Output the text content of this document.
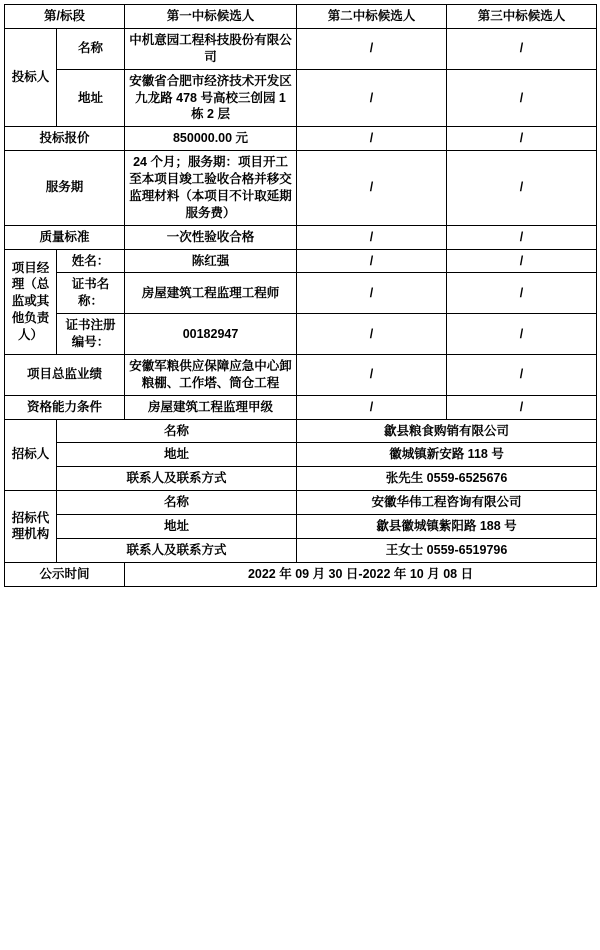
第/标段		第一中标候选人	第二中标候选人	第三中标候选人
投标人	名称	中机意园工程科技股份有限公司	/	/
	地址	安徽省合肥市经济技术开发区九龙路 478 号高校三创园 1 栋 2 层	/	/
投标报价		850000.00 元	/	/
服务期		24 个月；服务期：项目开工至本项目竣工验收合格并移交监理材料（本项目不计取延期服务费）	/	/
质量标准		一次性验收合格	/	/
项目经理（总监或其他负责人）	姓名：	陈红强	/	/
	证书名称：	房屋建筑工程监理工程师	/	/
	证书注册编号：	00182947	/	/
项目总监业绩		安徽军粮供应保障应急中心卸粮棚、工作塔、筒仓工程	/	/
资格能力条件		房屋建筑工程监理甲级	/	/
招标人	名称		歙县粮食购销有限公司	
	地址		徽城镇新安路 118 号	
	联系人及联系方式		张先生 0559-6525676	
招标代理机构	名称		安徽华伟工程咨询有限公司	
	地址		歙县徽城镇紫阳路 188 号	
	联系人及联系方式		王女士 0559-6519796	
公示时间		2022 年 09 月 30 日-2022 年 10 月 08 日		
